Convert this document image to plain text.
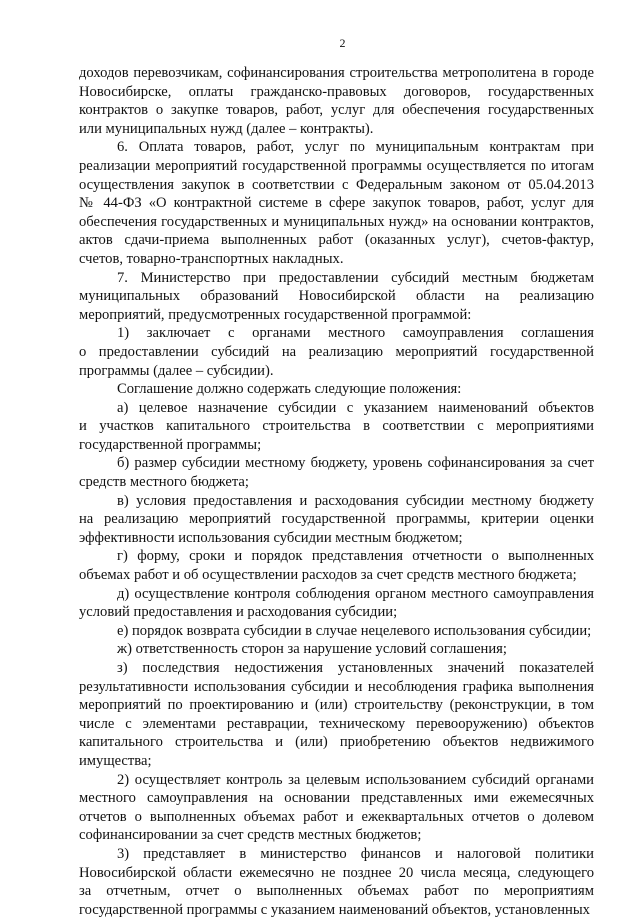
2
доходов перевозчикам, софинансирования строительства метрополитена в городе
Новосибирске, оплаты гражданско-правовых договоров, государственных
контрактов о закупке товаров, работ, услуг для обеспечения государственных
или муниципальных нужд (далее – контракты).
6. Оплата товаров, работ, услуг по муниципальным контрактам при
реализации мероприятий государственной программы осуществляется по итогам
осуществления закупок в соответствии с Федеральным законом от 05.04.2013
№ 44-ФЗ «О контрактной системе в сфере закупок товаров, работ, услуг для
обеспечения государственных и муниципальных нужд» на основании контрактов,
актов сдачи-приема выполненных работ (оказанных услуг), счетов-фактур,
счетов, товарно-транспортных накладных.
7. Министерство при предоставлении субсидий местным бюджетам
муниципальных образований Новосибирской области на реализацию
мероприятий, предусмотренных государственной программой:
1) заключает с органами местного самоуправления соглашения
о предоставлении субсидий на реализацию мероприятий государственной
программы (далее – субсидии).
Соглашение должно содержать следующие положения:
а) целевое назначение субсидии с указанием наименований объектов
и участков капитального строительства в соответствии с мероприятиями
государственной программы;
б) размер субсидии местному бюджету, уровень софинансирования за счет
средств местного бюджета;
в) условия предоставления и расходования субсидии местному бюджету
на реализацию мероприятий государственной программы, критерии оценки
эффективности использования субсидии местным бюджетом;
г) форму, сроки и порядок представления отчетности о выполненных
объемах работ и об осуществлении расходов за счет средств местного бюджета;
д) осуществление контроля соблюдения органом местного самоуправления
условий предоставления и расходования субсидии;
е) порядок возврата субсидии в случае нецелевого использования субсидии;
ж) ответственность сторон за нарушение условий соглашения;
з) последствия недостижения установленных значений показателей
результативности использования субсидии и несоблюдения графика выполнения
мероприятий по проектированию и (или) строительству (реконструкции, в том
числе с элементами реставрации, техническому перевооружению) объектов
капитального строительства и (или) приобретению объектов недвижимого
имущества;
2) осуществляет контроль за целевым использованием субсидий органами
местного самоуправления на основании представленных ими ежемесячных
отчетов о выполненных объемах работ и ежеквартальных отчетов о долевом
софинансировании за счет средств местных бюджетов;
3) представляет в министерство финансов и налоговой политики
Новосибирской области ежемесячно не позднее 20 числа месяца, следующего
за отчетным, отчет о выполненных объемах работ по мероприятиям
государственной программы с указанием наименований объектов, установленных
